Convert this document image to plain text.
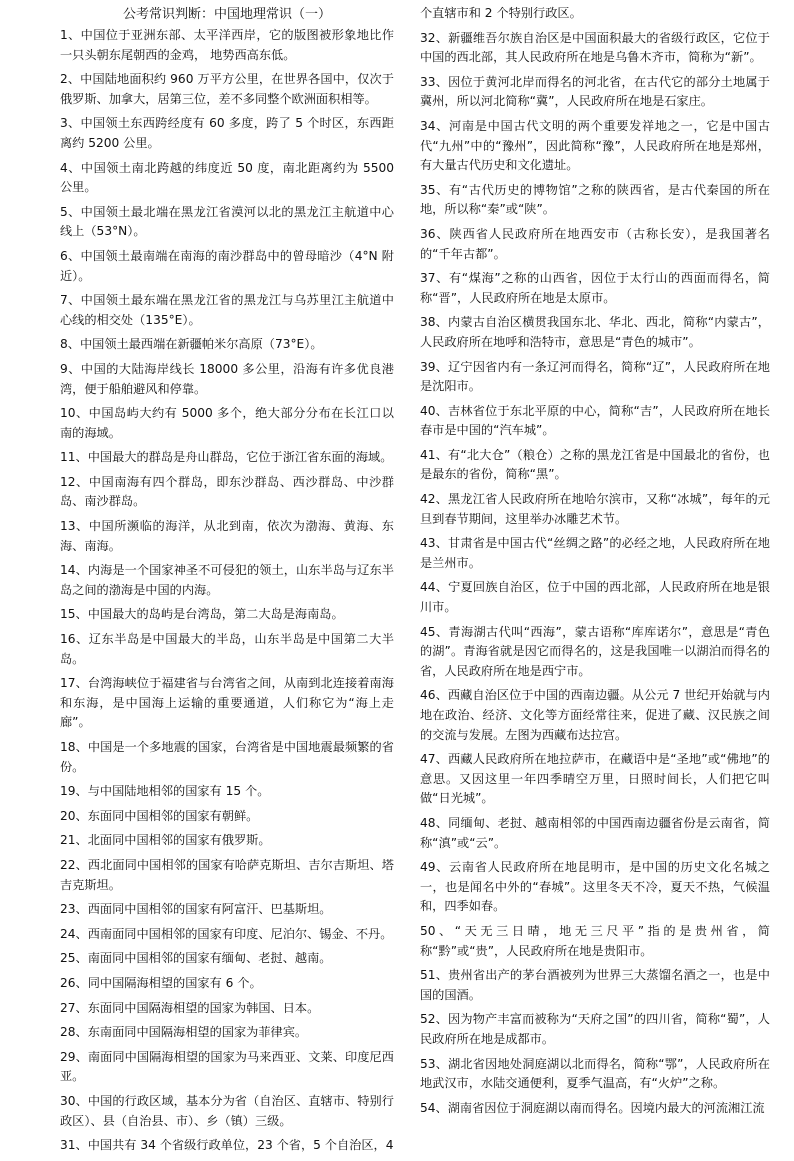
公考常识判断：中国地理常识（一）

1、中国位于亚洲东部、太平洋西岸，它的版图被形象地比作一只头朝东尾朝西的金鸡， 地势西高东低。

2、中国陆地面积约 960 万平方公里，在世界各国中，仅次于俄罗斯、加拿大，居第三位，差不多同整个欧洲面积相等。

3、中国领土东西跨经度有 60 多度，跨了 5 个时区，东西距离约 5200 公里。

4、中国领土南北跨越的纬度近 50 度，南北距离约为 5500 公里。

5、中国领土最北端在黑龙江省漠河以北的黑龙江主航道中心线上（53°N）。

6、中国领土最南端在南海的南沙群岛中的曾母暗沙（4°N 附近）。

7、中国领土最东端在黑龙江省的黑龙江与乌苏里江主航道中心线的相交处（135°E）。

8、中国领土最西端在新疆帕米尔高原（73°E）。

9、中国的大陆海岸线长 18000 多公里，沿海有许多优良港湾，便于船舶避风和停靠。

10、中国岛屿大约有 5000 多个，绝大部分分布在长江口以南的海域。

11、中国最大的群岛是舟山群岛，它位于浙江省东面的海域。

12、中国南海有四个群岛，即东沙群岛、西沙群岛、中沙群岛、南沙群岛。

13、中国所濒临的海洋，从北到南，依次为渤海、黄海、东海、南海。

14、内海是一个国家神圣不可侵犯的领土，山东半岛与辽东半岛之间的渤海是中国的内海。

15、中国最大的岛屿是台湾岛，第二大岛是海南岛。

16、辽东半岛是中国最大的半岛，山东半岛是中国第二大半岛。

17、台湾海峡位于福建省与台湾省之间，从南到北连接着南海和东海，是中国海上运输的重要通道，人们称它为“海上走廊”。

18、中国是一个多地震的国家，台湾省是中国地震最频繁的省份。

19、与中国陆地相邻的国家有 15 个。

20、东面同中国相邻的国家有朝鲜。

21、北面同中国相邻的国家有俄罗斯。

22、西北面同中国相邻的国家有哈萨克斯坦、吉尔吉斯坦、塔吉克斯坦。

23、西面同中国相邻的国家有阿富汗、巴基斯坦。

24、西南面同中国相邻的国家有印度、尼泊尔、锡金、不丹。

25、南面同中国相邻的国家有缅甸、老挝、越南。

26、同中国隔海相望的国家有 6 个。

27、东面同中国隔海相望的国家为韩国、日本。

28、东南面同中国隔海相望的国家为菲律宾。

29、南面同中国隔海相望的国家为马来西亚、文莱、印度尼西亚。

30、中国的行政区域，基本分为省（自治区、直辖市、特别行政区）、县（自治县、市）、乡（镇）三级。

31、中国共有 34 个省级行政单位，23 个省，5 个自治区，4

个直辖市和 2 个特别行政区。

32、新疆维吾尔族自治区是中国面积最大的省级行政区，它位于中国的西北部，其人民政府所在地是乌鲁木齐市，简称为“新”。

33、因位于黄河北岸而得名的河北省，在古代它的部分土地属于冀州，所以河北简称“冀”，人民政府所在地是石家庄。

34、河南是中国古代文明的两个重要发祥地之一，它是中国古代“九州”中的“豫州”，因此简称“豫”，人民政府所在地是郑州，有大量古代历史和文化遗址。

35、有“古代历史的博物馆”之称的陕西省，是古代秦国的所在地，所以称“秦”或“陕”。

36、陕西省人民政府所在地西安市（古称长安），是我国著名的“千年古都”。

37、有“煤海”之称的山西省，因位于太行山的西面而得名，简称“晋”，人民政府所在地是太原市。

38、内蒙古自治区横贯我国东北、华北、西北，简称“内蒙古”，人民政府所在地呼和浩特市，意思是“青色的城市”。

39、辽宁因省内有一条辽河而得名，简称“辽”，人民政府所在地是沈阳市。

40、吉林省位于东北平原的中心，简称“吉”，人民政府所在地长春市是中国的“汽车城”。

41、有“北大仓”（粮仓）之称的黑龙江省是中国最北的省份，也是最东的省份，简称“黑”。

42、黑龙江省人民政府所在地哈尔滨市，又称“冰城”，每年的元旦到春节期间，这里举办冰雕艺术节。

43、甘肃省是中国古代“丝绸之路”的必经之地，人民政府所在地是兰州市。

44、宁夏回族自治区，位于中国的西北部，人民政府所在地是银川市。

45、青海湖古代叫“西海”，蒙古语称“库库诺尔”，意思是“青色的湖”。青海省就是因它而得名的，这是我国唯一以湖泊而得名的省，人民政府所在地是西宁市。

46、西藏自治区位于中国的西南边疆。从公元 7 世纪开始就与内地在政治、经济、文化等方面经常往来，促进了藏、汉民族之间的交流与发展。左图为西藏布达拉宫。

47、西藏人民政府所在地拉萨市，在藏语中是“圣地”或“佛地”的意思。又因这里一年四季晴空万里，日照时间长，人们把它叫做“日光城”。

48、同缅甸、老挝、越南相邻的中国西南边疆省份是云南省，简称“滇”或“云”。

49、云南省人民政府所在地昆明市，是中国的历史文化名城之一，也是闻名中外的“春城”。这里冬天不冷，夏天不热，气候温和，四季如春。

50、“天无三日晴，地无三尺平”指的是贵州省，简称“黔”或“贵”，人民政府所在地是贵阳市。

51、贵州省出产的茅台酒被列为世界三大蒸馏名酒之一，也是中国的国酒。

52、因为物产丰富而被称为“天府之国”的四川省，简称“蜀”，人民政府所在地是成都市。

53、湖北省因地处洞庭湖以北而得名，简称“鄂”，人民政府所在地武汉市，水陆交通便利，夏季气温高，有“火炉”之称。

54、湖南省因位于洞庭湖以南而得名。因境内最大的河流湘江流
